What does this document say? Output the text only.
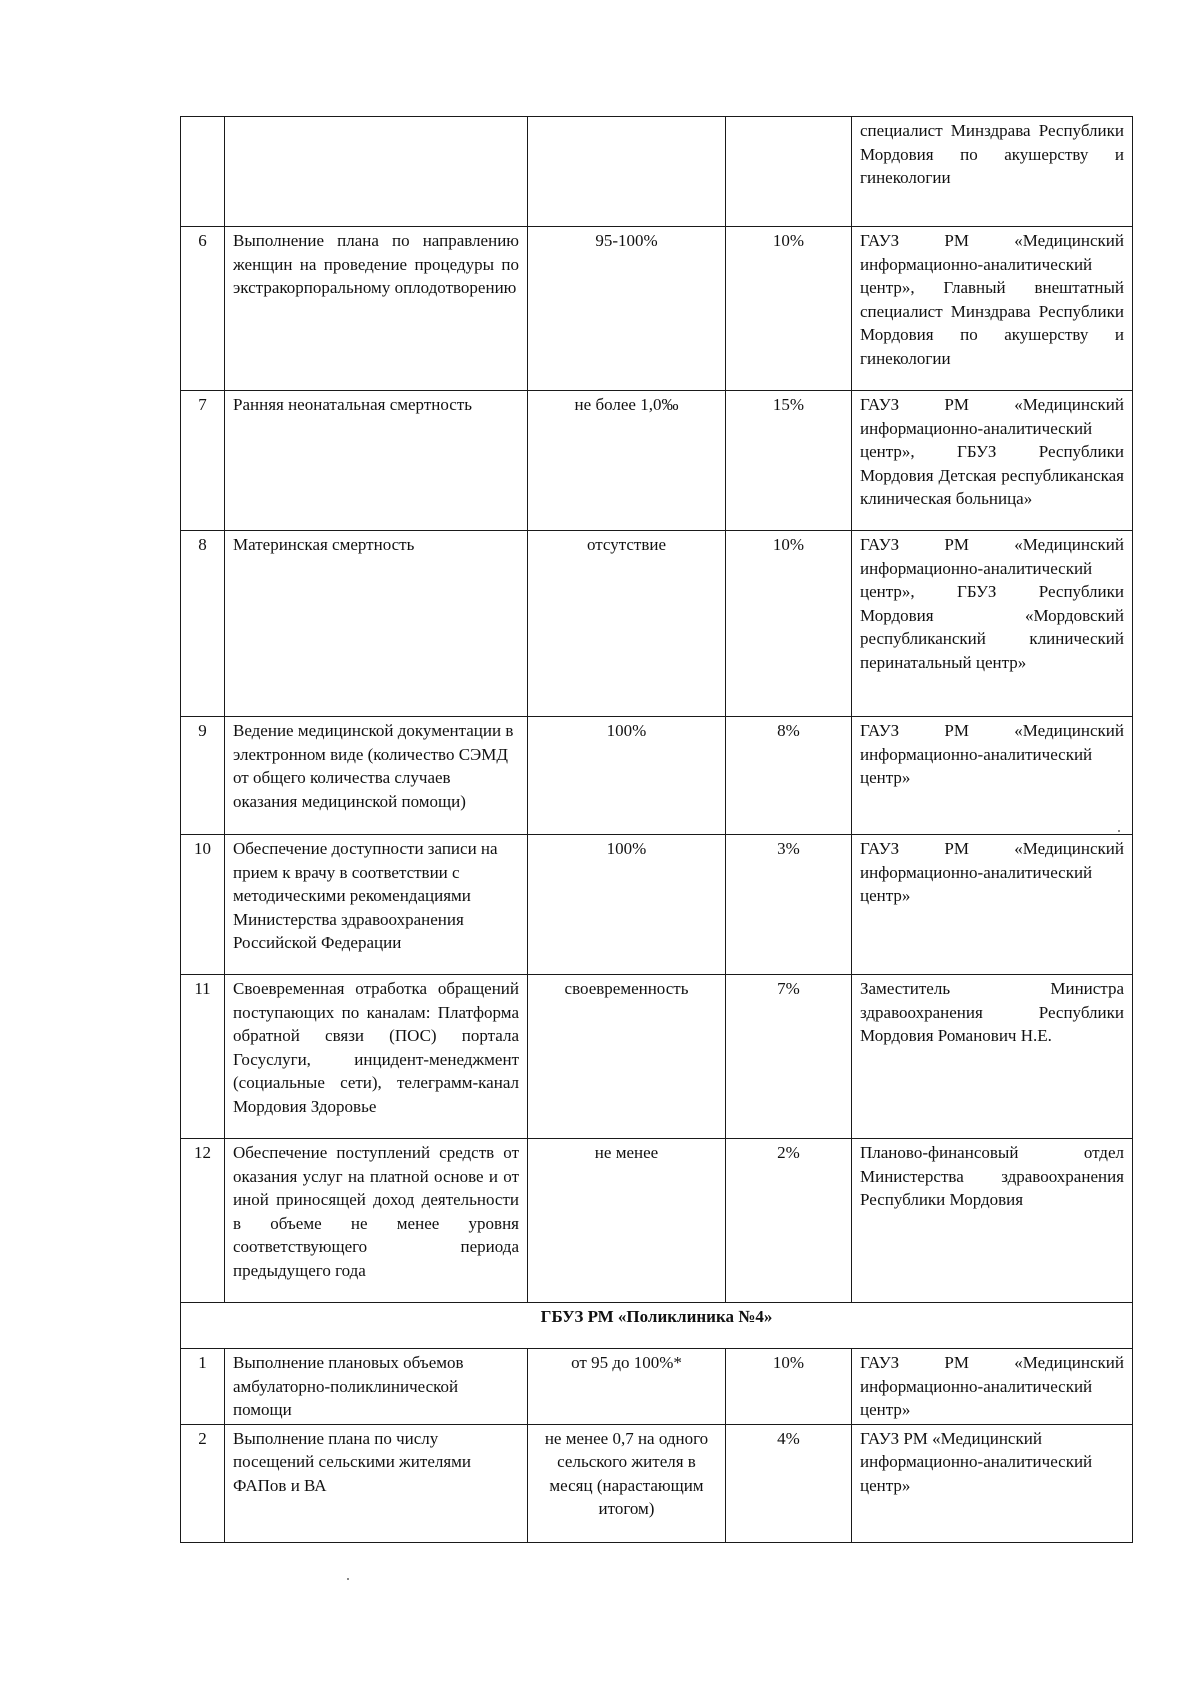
				специалист Минздрава Республики Мордовия по акушерству и гинекологии
6	Выполнение плана по направлению женщин на проведение процедуры по экстракорпоральному оплодотворению	95-100%	10%	ГАУЗ РМ «Медицинский информационно-аналитический центр», Главный внештатный специалист Минздрава Республики Мордовия по акушерству и гинекологии
7	Ранняя неонатальная смертность	не более 1,0‰	15%	ГАУЗ РМ «Медицинский информационно-аналитический центр», ГБУЗ Республики Мордовия Детская республиканская клиническая больница»
8	Материнская смертность	отсутствие	10%	ГАУЗ РМ «Медицинский информационно-аналитический центр», ГБУЗ Республики Мордовия «Мордовский республиканский клинический перинатальный центр»
9	Ведение медицинской документации в электронном виде (количество СЭМД от общего количества случаев оказания медицинской помощи)	100%	8%	ГАУЗ РМ «Медицинский информационно-аналитический центр»
10	Обеспечение доступности записи на прием к врачу в соответствии с методическими рекомендациями Министерства здравоохранения Российской Федерации	100%	3%	ГАУЗ РМ «Медицинский информационно-аналитический центр»
11	Своевременная отработка обращений поступающих по каналам: Платформа обратной связи (ПОС) портала Госуслуги, инцидент-менеджмент (социальные сети), телеграмм-канал Мордовия Здоровье	своевременность	7%	Заместитель Министра здравоохранения Республики Мордовия Романович Н.Е.
12	Обеспечение поступлений средств от оказания услуг на платной основе и от иной приносящей доход деятельности в объеме не менее уровня соответствующего периода предыдущего года	не менее	2%	Планово-финансовый отдел Министерства здравоохранения Республики Мордовия
ГБУЗ РМ «Поликлиника №4»				
1	Выполнение плановых объемов амбулаторно-поликлинической помощи	от 95 до 100%*	10%	ГАУЗ РМ «Медицинский информационно-аналитический центр»
2	Выполнение плана по числу посещений сельскими жителями ФАПов и ВА	не менее 0,7 на одного сельского жителя в месяц (нарастающим итогом)	4%	ГАУЗ РМ «Медицинский информационно-аналитический центр»
